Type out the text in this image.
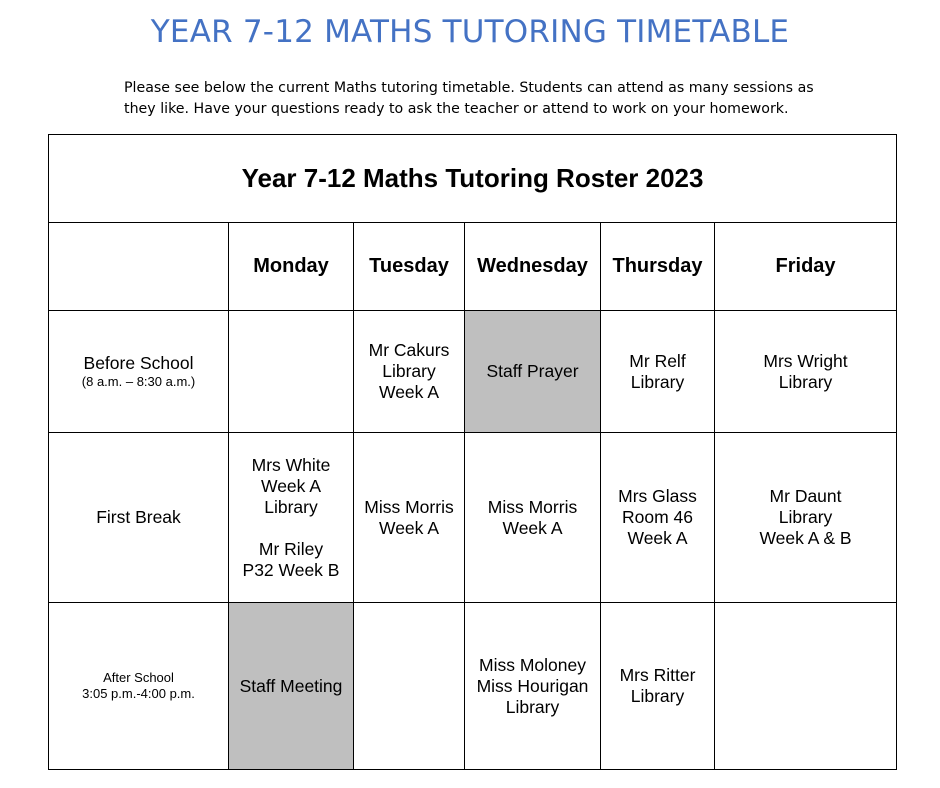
YEAR 7-12 MATHS TUTORING TIMETABLE

Please see below the current Maths tutoring timetable. Students can attend as many sessions as

they like. Have your questions ready to ask the teacher or attend to work on your homework.

Year 7-12 Maths Tutoring Roster 2023					
	Monday	Tuesday	Wednesday	Thursday	Friday

Before School
(8 a.m. – 8:30 a.m.)		Mr Cakurs
Library
Week A	Staff Prayer	Mr Relf
Library	Mrs Wright
Library

First Break	Mrs White
Week A
Library
Mr Riley
P32 Week B	Miss Morris
Week A	Miss Morris
Week A	Mrs Glass
Room 46
Week A	Mr Daunt
Library
Week A & B

After School
3:05 p.m.-4:00 p.m.	Staff Meeting		Miss Moloney
Miss Hourigan
Library	Mrs Ritter
Library	
